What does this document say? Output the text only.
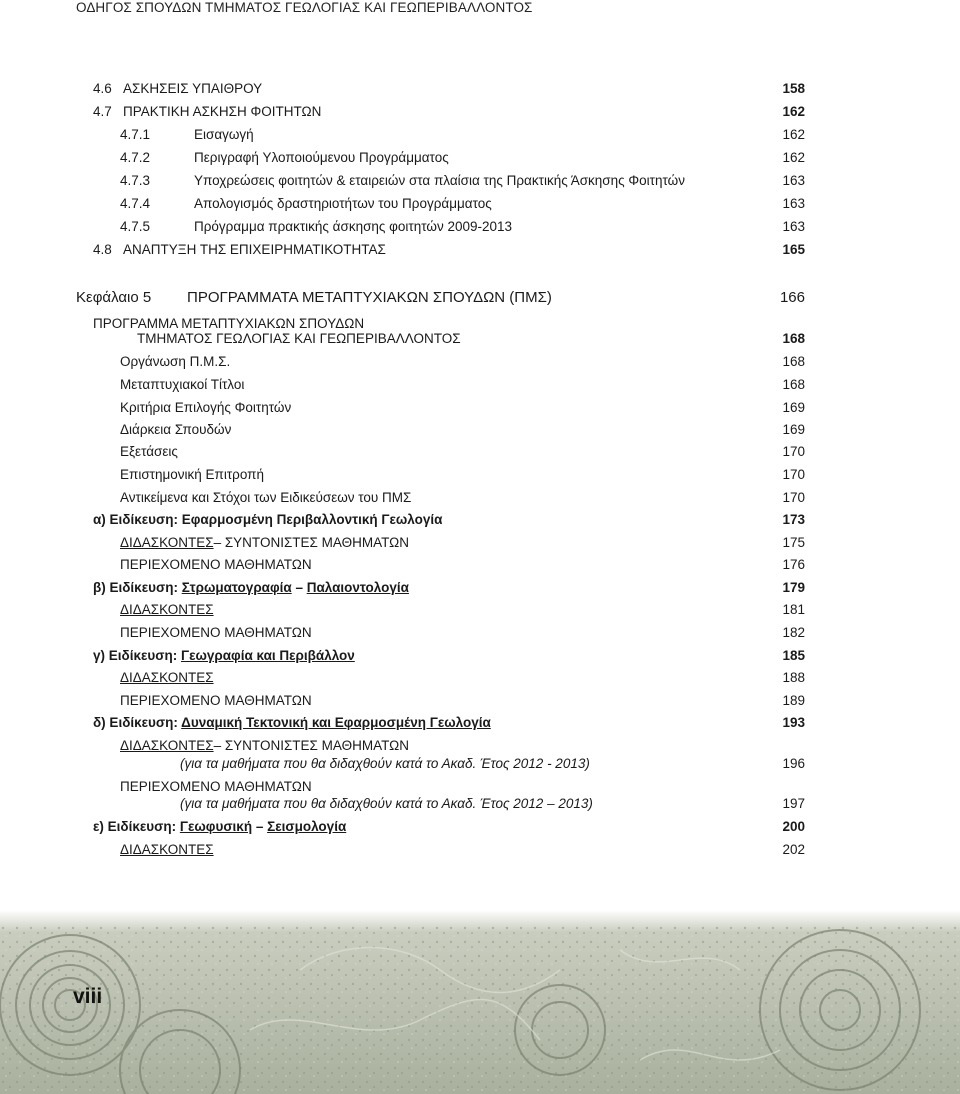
ΟΔΗΓΟΣ ΣΠΟΥΔΩΝ ΤΜΗΜΑΤΟΣ ΓΕΩΛΟΓΙΑΣ ΚΑΙ ΓΕΩΠΕΡΙΒΑΛΛΟΝΤΟΣ
4.6 ΑΣΚΗΣΕΙΣ ΥΠΑΙΘΡΟΥ	158
4.7 ΠΡΑΚΤΙΚΗ ΑΣΚΗΣΗ ΦΟΙΤΗΤΩΝ	162
4.7.1	Εισαγωγή	162
4.7.2	Περιγραφή Υλοποιούμενου Προγράμματος	162
4.7.3	Υποχρεώσεις φοιτητών & εταιρειών στα πλαίσια της Πρακτικής Άσκησης Φοιτητών	163
4.7.4	Απολογισμός δραστηριοτήτων του Προγράμματος	163
4.7.5	Πρόγραμμα πρακτικής άσκησης φοιτητών 2009-2013	163
4.8 ΑΝΑΠΤΥΞΗ ΤΗΣ ΕΠΙΧΕΙΡΗΜΑΤΙΚΟΤΗΤΑΣ	165
Κεφάλαιο 5 ΠΡΟΓΡΑΜΜΑΤΑ ΜΕΤΑΠΤΥΧΙΑΚΩΝ ΣΠΟΥΔΩΝ (ΠΜΣ)	166
ΠΡΟΓΡΑΜΜΑ ΜΕΤΑΠΤΥΧΙΑΚΩΝ ΣΠΟΥΔΩΝ
ΤΜΗΜΑΤΟΣ ΓΕΩΛΟΓΙΑΣ ΚΑΙ ΓΕΩΠΕΡΙΒΑΛΛΟΝΤΟΣ	168
Οργάνωση Π.Μ.Σ.	168
Μεταπτυχιακοί Τίτλοι	168
Κριτήρια Επιλογής Φοιτητών	169
Διάρκεια Σπουδών	169
Εξετάσεις	170
Επιστημονική Επιτροπή	170
Αντικείμενα και Στόχοι των Ειδικεύσεων του ΠΜΣ	170
α) Ειδίκευση: Εφαρμοσμένη Περιβαλλοντική Γεωλογία	173
ΔΙΔΑΣΚΟΝΤΕΣ– ΣΥΝΤΟΝΙΣΤΕΣ ΜΑΘΗΜΑΤΩΝ	175
ΠΕΡΙΕΧΟΜΕΝΟ ΜΑΘΗΜΑΤΩΝ	176
β) Ειδίκευση: Στρωματογραφία – Παλαιοντολογία	179
ΔΙΔΑΣΚΟΝΤΕΣ	181
ΠΕΡΙΕΧΟΜΕΝΟ ΜΑΘΗΜΑΤΩΝ	182
γ) Ειδίκευση: Γεωγραφία και Περιβάλλον	185
ΔΙΔΑΣΚΟΝΤΕΣ	188
ΠΕΡΙΕΧΟΜΕΝΟ ΜΑΘΗΜΑΤΩΝ	189
δ) Ειδίκευση: Δυναμική Τεκτονική και Εφαρμοσμένη Γεωλογία	193
ΔΙΔΑΣΚΟΝΤΕΣ– ΣΥΝΤΟΝΙΣΤΕΣ ΜΑΘΗΜΑΤΩΝ
(για τα μαθήματα που θα διδαχθούν κατά το Ακαδ. Έτος 2012 - 2013)	196
ΠΕΡΙΕΧΟΜΕΝΟ ΜΑΘΗΜΑΤΩΝ
(για τα μαθήματα που θα διδαχθούν κατά το Ακαδ. Έτος 2012 – 2013)	197
ε) Ειδίκευση: Γεωφυσική – Σεισμολογία	200
ΔΙΔΑΣΚΟΝΤΕΣ	202
viii
